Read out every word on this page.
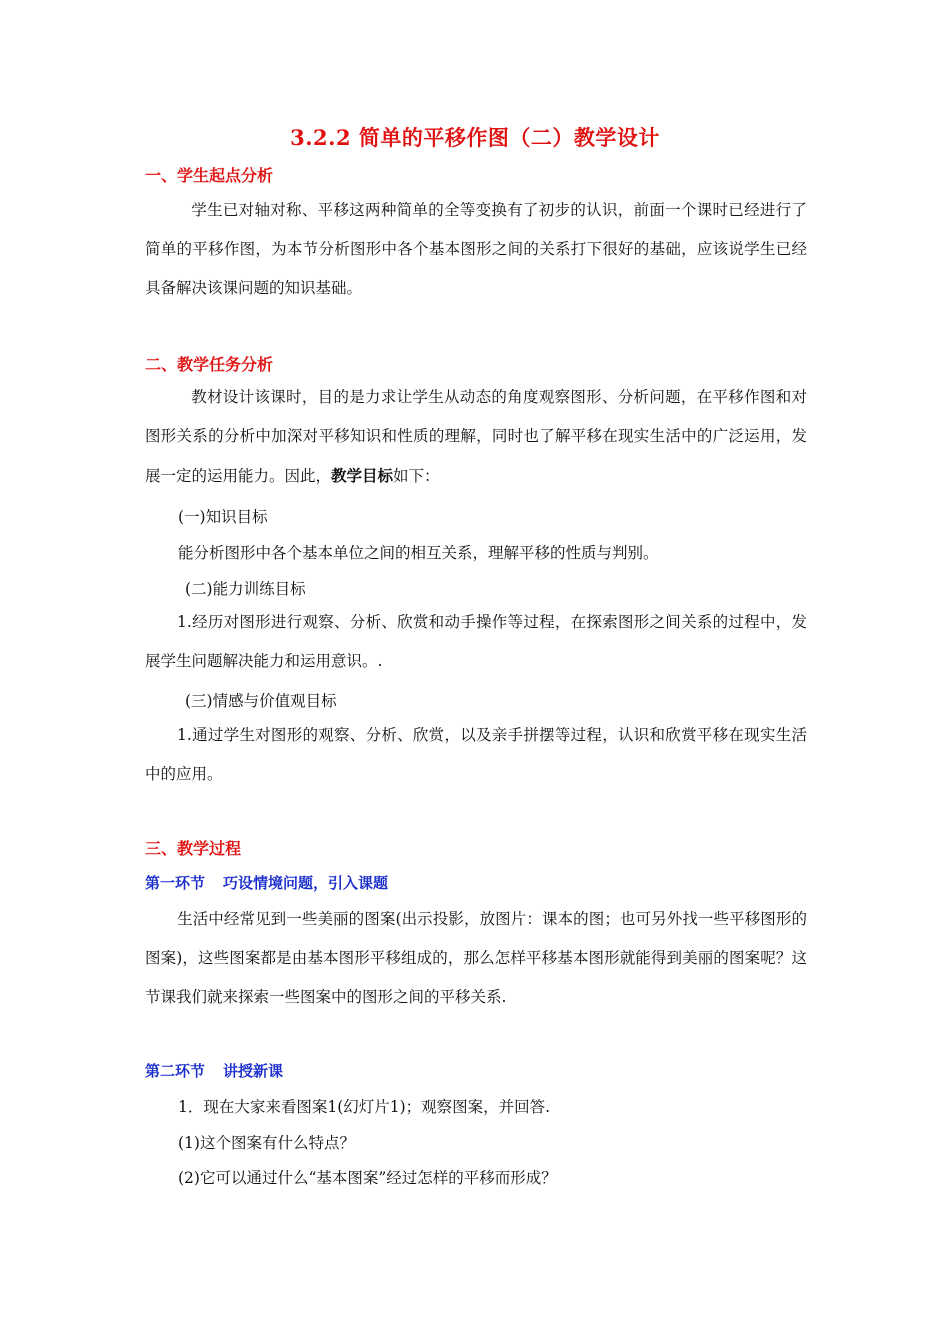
3.2.2 简单的平移作图（二）教学设计
一、学生起点分析
学生已对轴对称、平移这两种简单的全等变换有了初步的认识，前面一个课时已经进行了简单的平移作图，为本节分析图形中各个基本图形之间的关系打下很好的基础，应该说学生已经具备解决该课问题的知识基础。
二、教学任务分析
教材设计该课时，目的是力求让学生从动态的角度观察图形、分析问题，在平移作图和对图形关系的分析中加深对平移知识和性质的理解，同时也了解平移在现实生活中的广泛运用，发展一定的运用能力。因此，教学目标如下：
(一)知识目标
能分析图形中各个基本单位之间的相互关系，理解平移的性质与判别。
(二)能力训练目标
1.经历对图形进行观察、分析、欣赏和动手操作等过程，在探索图形之间关系的过程中，发展学生问题解决能力和运用意识。.
(三)情感与价值观目标
1.通过学生对图形的观察、分析、欣赏，以及亲手拼摆等过程，认识和欣赏平移在现实生活中的应用。
三、教学过程
第一环节 巧设情境问题，引入课题
生活中经常见到一些美丽的图案(出示投影，放图片：课本的图；也可另外找一些平移图形的图案)，这些图案都是由基本图形平移组成的，那么怎样平移基本图形就能得到美丽的图案呢？这节课我们就来探索一些图案中的图形之间的平移关系.
第二环节 讲授新课
1．现在大家来看图案1(幻灯片1)；观察图案，并回答.
(1)这个图案有什么特点？
(2)它可以通过什么“基本图案”经过怎样的平移而形成？
